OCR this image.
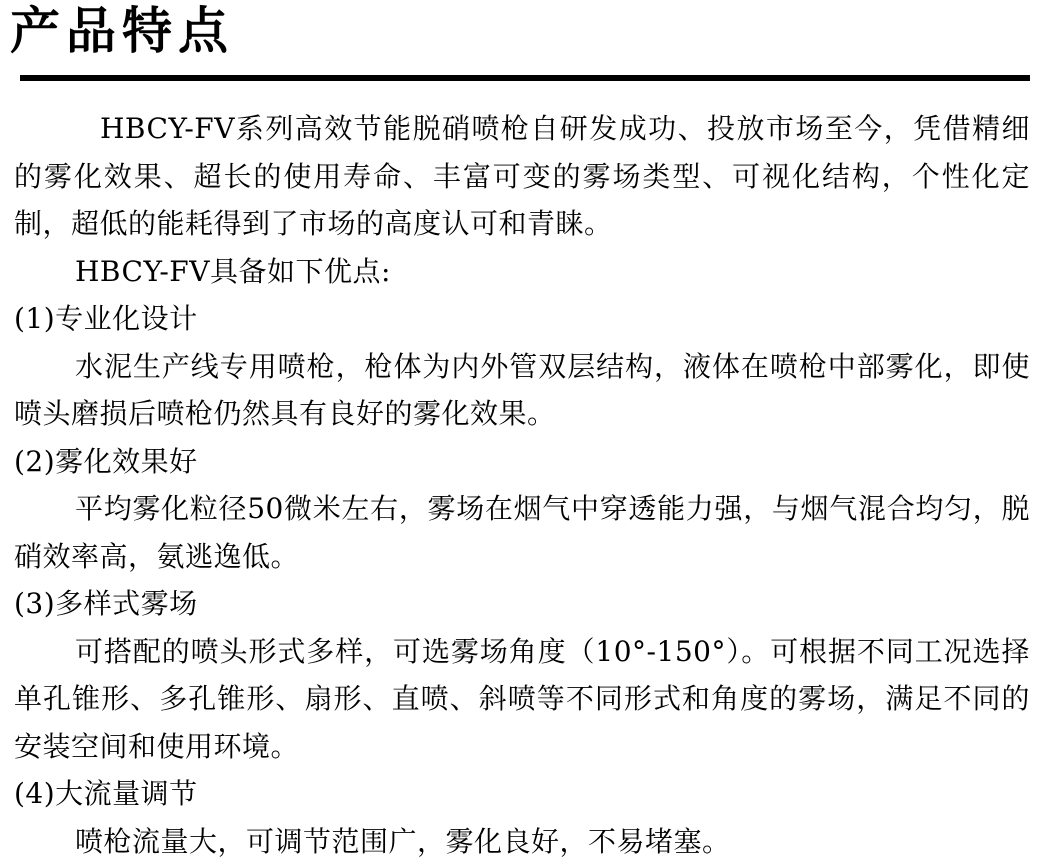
产品特点

HBCY-FV系列高效节能脱硝喷枪自研发成功、投放市场至今，凭借精细的雾化效果、超长的使用寿命、丰富可变的雾场类型、可视化结构，个性化定制，超低的能耗得到了市场的高度认可和青睐。

HBCY-FV具备如下优点:

(1)专业化设计

水泥生产线专用喷枪，枪体为内外管双层结构，液体在喷枪中部雾化，即使喷头磨损后喷枪仍然具有良好的雾化效果。

(2)雾化效果好

平均雾化粒径50微米左右，雾场在烟气中穿透能力强，与烟气混合均匀，脱硝效率高，氨逃逸低。

(3)多样式雾场

可搭配的喷头形式多样，可选雾场角度（10°-150°）。可根据不同工况选择单孔锥形、多孔锥形、扇形、直喷、斜喷等不同形式和角度的雾场，满足不同的安装空间和使用环境。

(4)大流量调节

喷枪流量大，可调节范围广，雾化良好，不易堵塞。
